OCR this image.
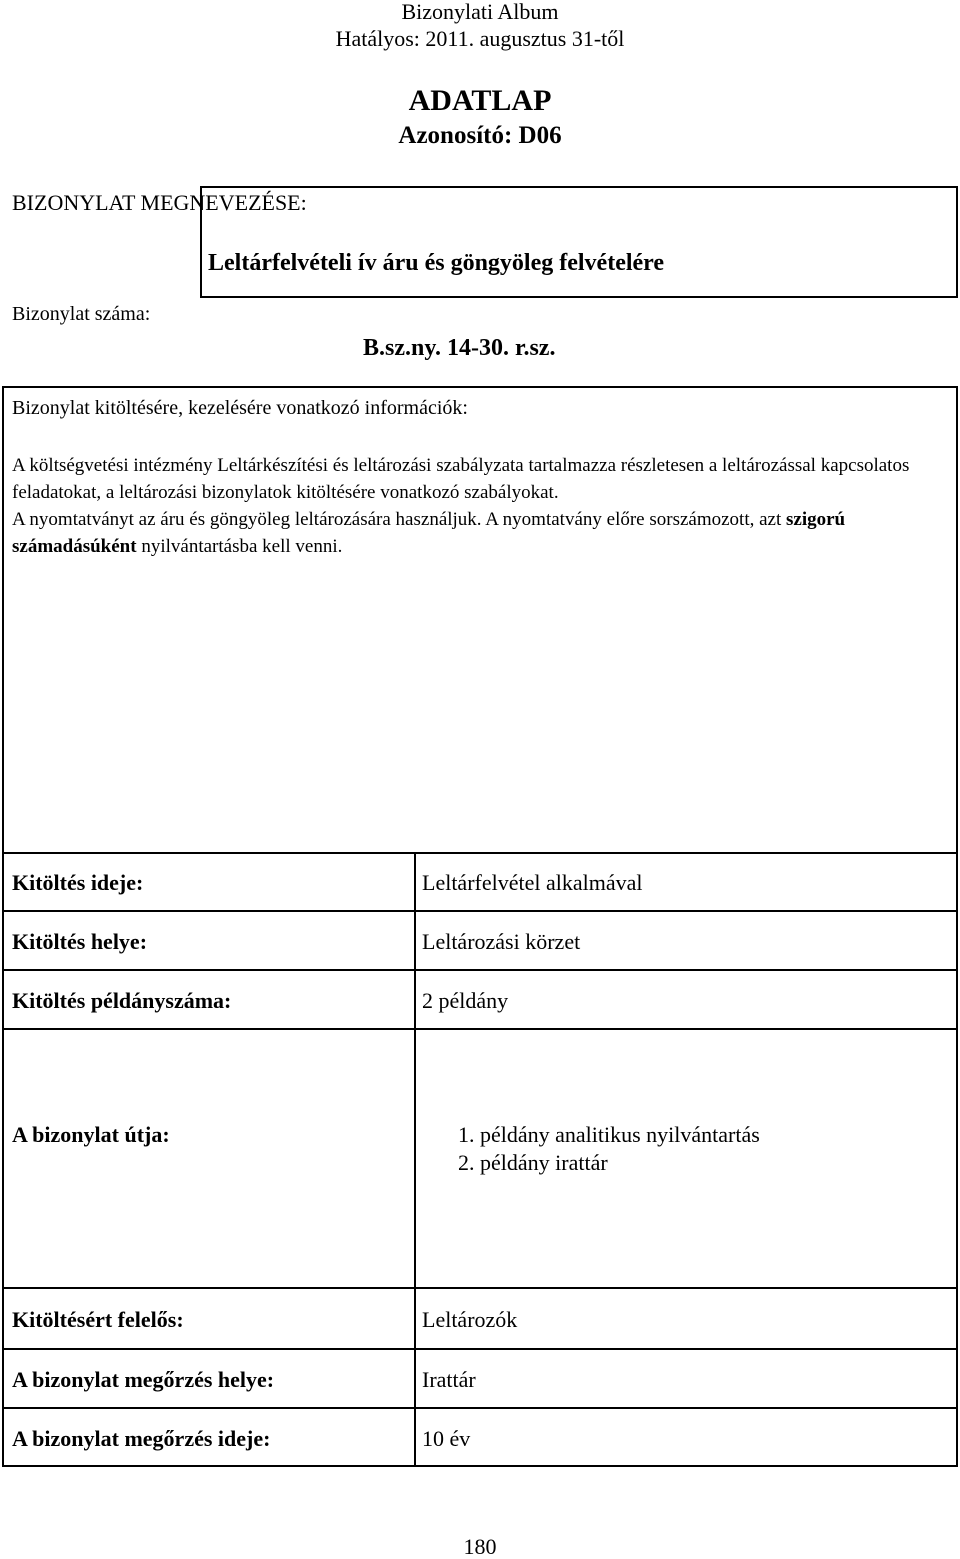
Bizonylati Album
Hatályos: 2011. augusztus 31-től
ADATLAP
Azonosító: D06
BIZONYLAT MEGNEVEZÉSE:
Leltárfelvételi ív áru és göngyöleg felvételére
Bizonylat száma:
B.sz.ny. 14-30. r.sz.
Bizonylat kitöltésére, kezelésére vonatkozó információk:

A költségvetési intézmény Leltárkészítési és leltározási szabályzata tartalmazza részletesen a leltározással kapcsolatos feladatokat, a leltározási bizonylatok kitöltésére vonatkozó szabályokat.

A nyomtatványt az áru és göngyöleg leltározására használjuk. A nyomtatvány előre sorszámozott, azt szigorú számadásúként nyilvántartásba kell venni.

Kitöltés ideje:	Leltárfelvétel alkalmával
Kitöltés helye:	Leltározási körzet
Kitöltés példányszáma:	2 példány
A bizonylat útja:	1. példány analitikus nyilvántartás
2. példány irattár
Kitöltésért felelős:	Leltározók
A bizonylat megőrzés helye:	Irattár
A bizonylat megőrzés ideje:	10 év
180
